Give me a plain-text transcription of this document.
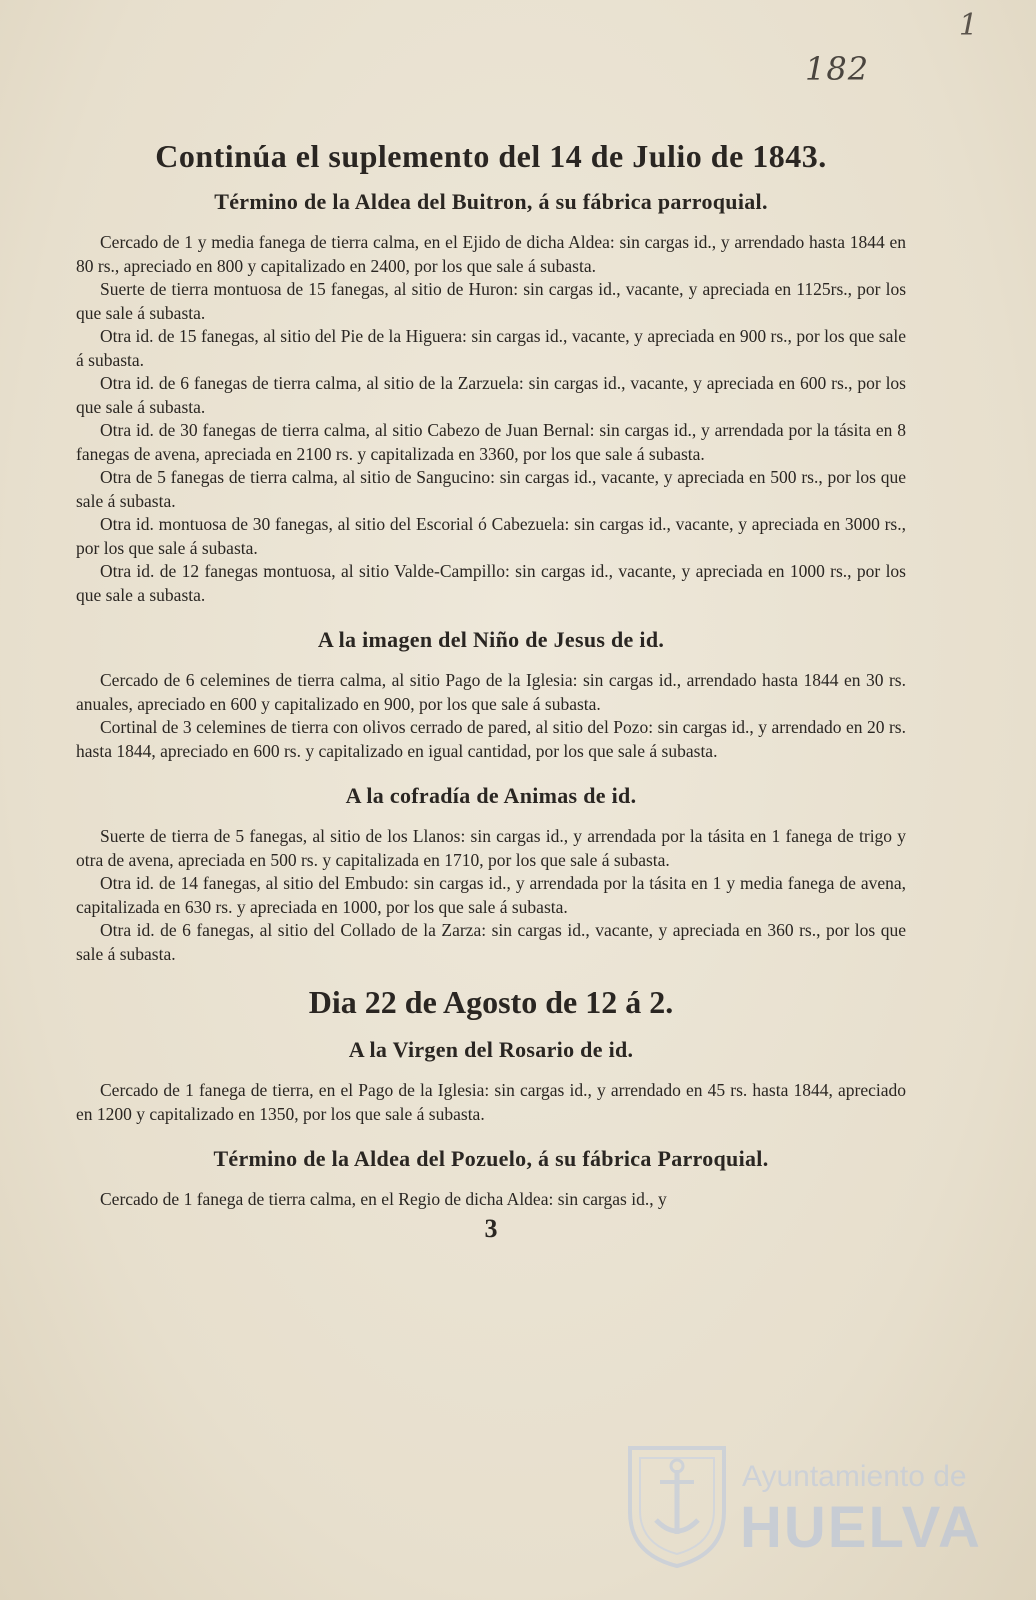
1
182
Continúa el suplemento del 14 de Julio de 1843.
Término de la Aldea del Buitron, á su fábrica parroquial.

Cercado de 1 y media fanega de tierra calma, en el Ejido de dicha Aldea: sin cargas id., y arrendado hasta 1844 en 80 rs., apreciado en 800 y capitalizado en 2400, por los que sale á subasta.

Suerte de tierra montuosa de 15 fanegas, al sitio de Huron: sin cargas id., vacante, y apreciada en 1125rs., por los que sale á subasta.

Otra id. de 15 fanegas, al sitio del Pie de la Higuera: sin cargas id., vacante, y apreciada en 900 rs., por los que sale á subasta.

Otra id. de 6 fanegas de tierra calma, al sitio de la Zarzuela: sin cargas id., vacante, y apreciada en 600 rs., por los que sale á subasta.

Otra id. de 30 fanegas de tierra calma, al sitio Cabezo de Juan Bernal: sin cargas id., y arrendada por la tásita en 8 fanegas de avena, apreciada en 2100 rs. y capitalizada en 3360, por los que sale á subasta.

Otra de 5 fanegas de tierra calma, al sitio de Sangucino: sin cargas id., vacante, y apreciada en 500 rs., por los que sale á subasta.

Otra id. montuosa de 30 fanegas, al sitio del Escorial ó Cabezuela: sin cargas id., vacante, y apreciada en 3000 rs., por los que sale á subasta.

Otra id. de 12 fanegas montuosa, al sitio Valde-Campillo: sin cargas id., vacante, y apreciada en 1000 rs., por los que sale a subasta.

A la imagen del Niño de Jesus de id.

Cercado de 6 celemines de tierra calma, al sitio Pago de la Iglesia: sin cargas id., arrendado hasta 1844 en 30 rs. anuales, apreciado en 600 y capitalizado en 900, por los que sale á subasta.

Cortinal de 3 celemines de tierra con olivos cerrado de pared, al sitio del Pozo: sin cargas id., y arrendado en 20 rs. hasta 1844, apreciado en 600 rs. y capitalizado en igual cantidad, por los que sale á subasta.

A la cofradía de Animas de id.

Suerte de tierra de 5 fanegas, al sitio de los Llanos: sin cargas id., y arrendada por la tásita en 1 fanega de trigo y otra de avena, apreciada en 500 rs. y capitalizada en 1710, por los que sale á subasta.

Otra id. de 14 fanegas, al sitio del Embudo: sin cargas id., y arrendada por la tásita en 1 y media fanega de avena, capitalizada en 630 rs. y apreciada en 1000, por los que sale á subasta.

Otra id. de 6 fanegas, al sitio del Collado de la Zarza: sin cargas id., vacante, y apreciada en 360 rs., por los que sale á subasta.

Dia 22 de Agosto de 12 á 2.
A la Virgen del Rosario de id.

Cercado de 1 fanega de tierra, en el Pago de la Iglesia: sin cargas id., y arrendado en 45 rs. hasta 1844, apreciado en 1200 y capitalizado en 1350, por los que sale á subasta.

Término de la Aldea del Pozuelo, á su fábrica Parroquial.

Cercado de 1 fanega de tierra calma, en el Regio de dicha Aldea: sin cargas id., y

3
Ayuntamiento de
HUELVA
